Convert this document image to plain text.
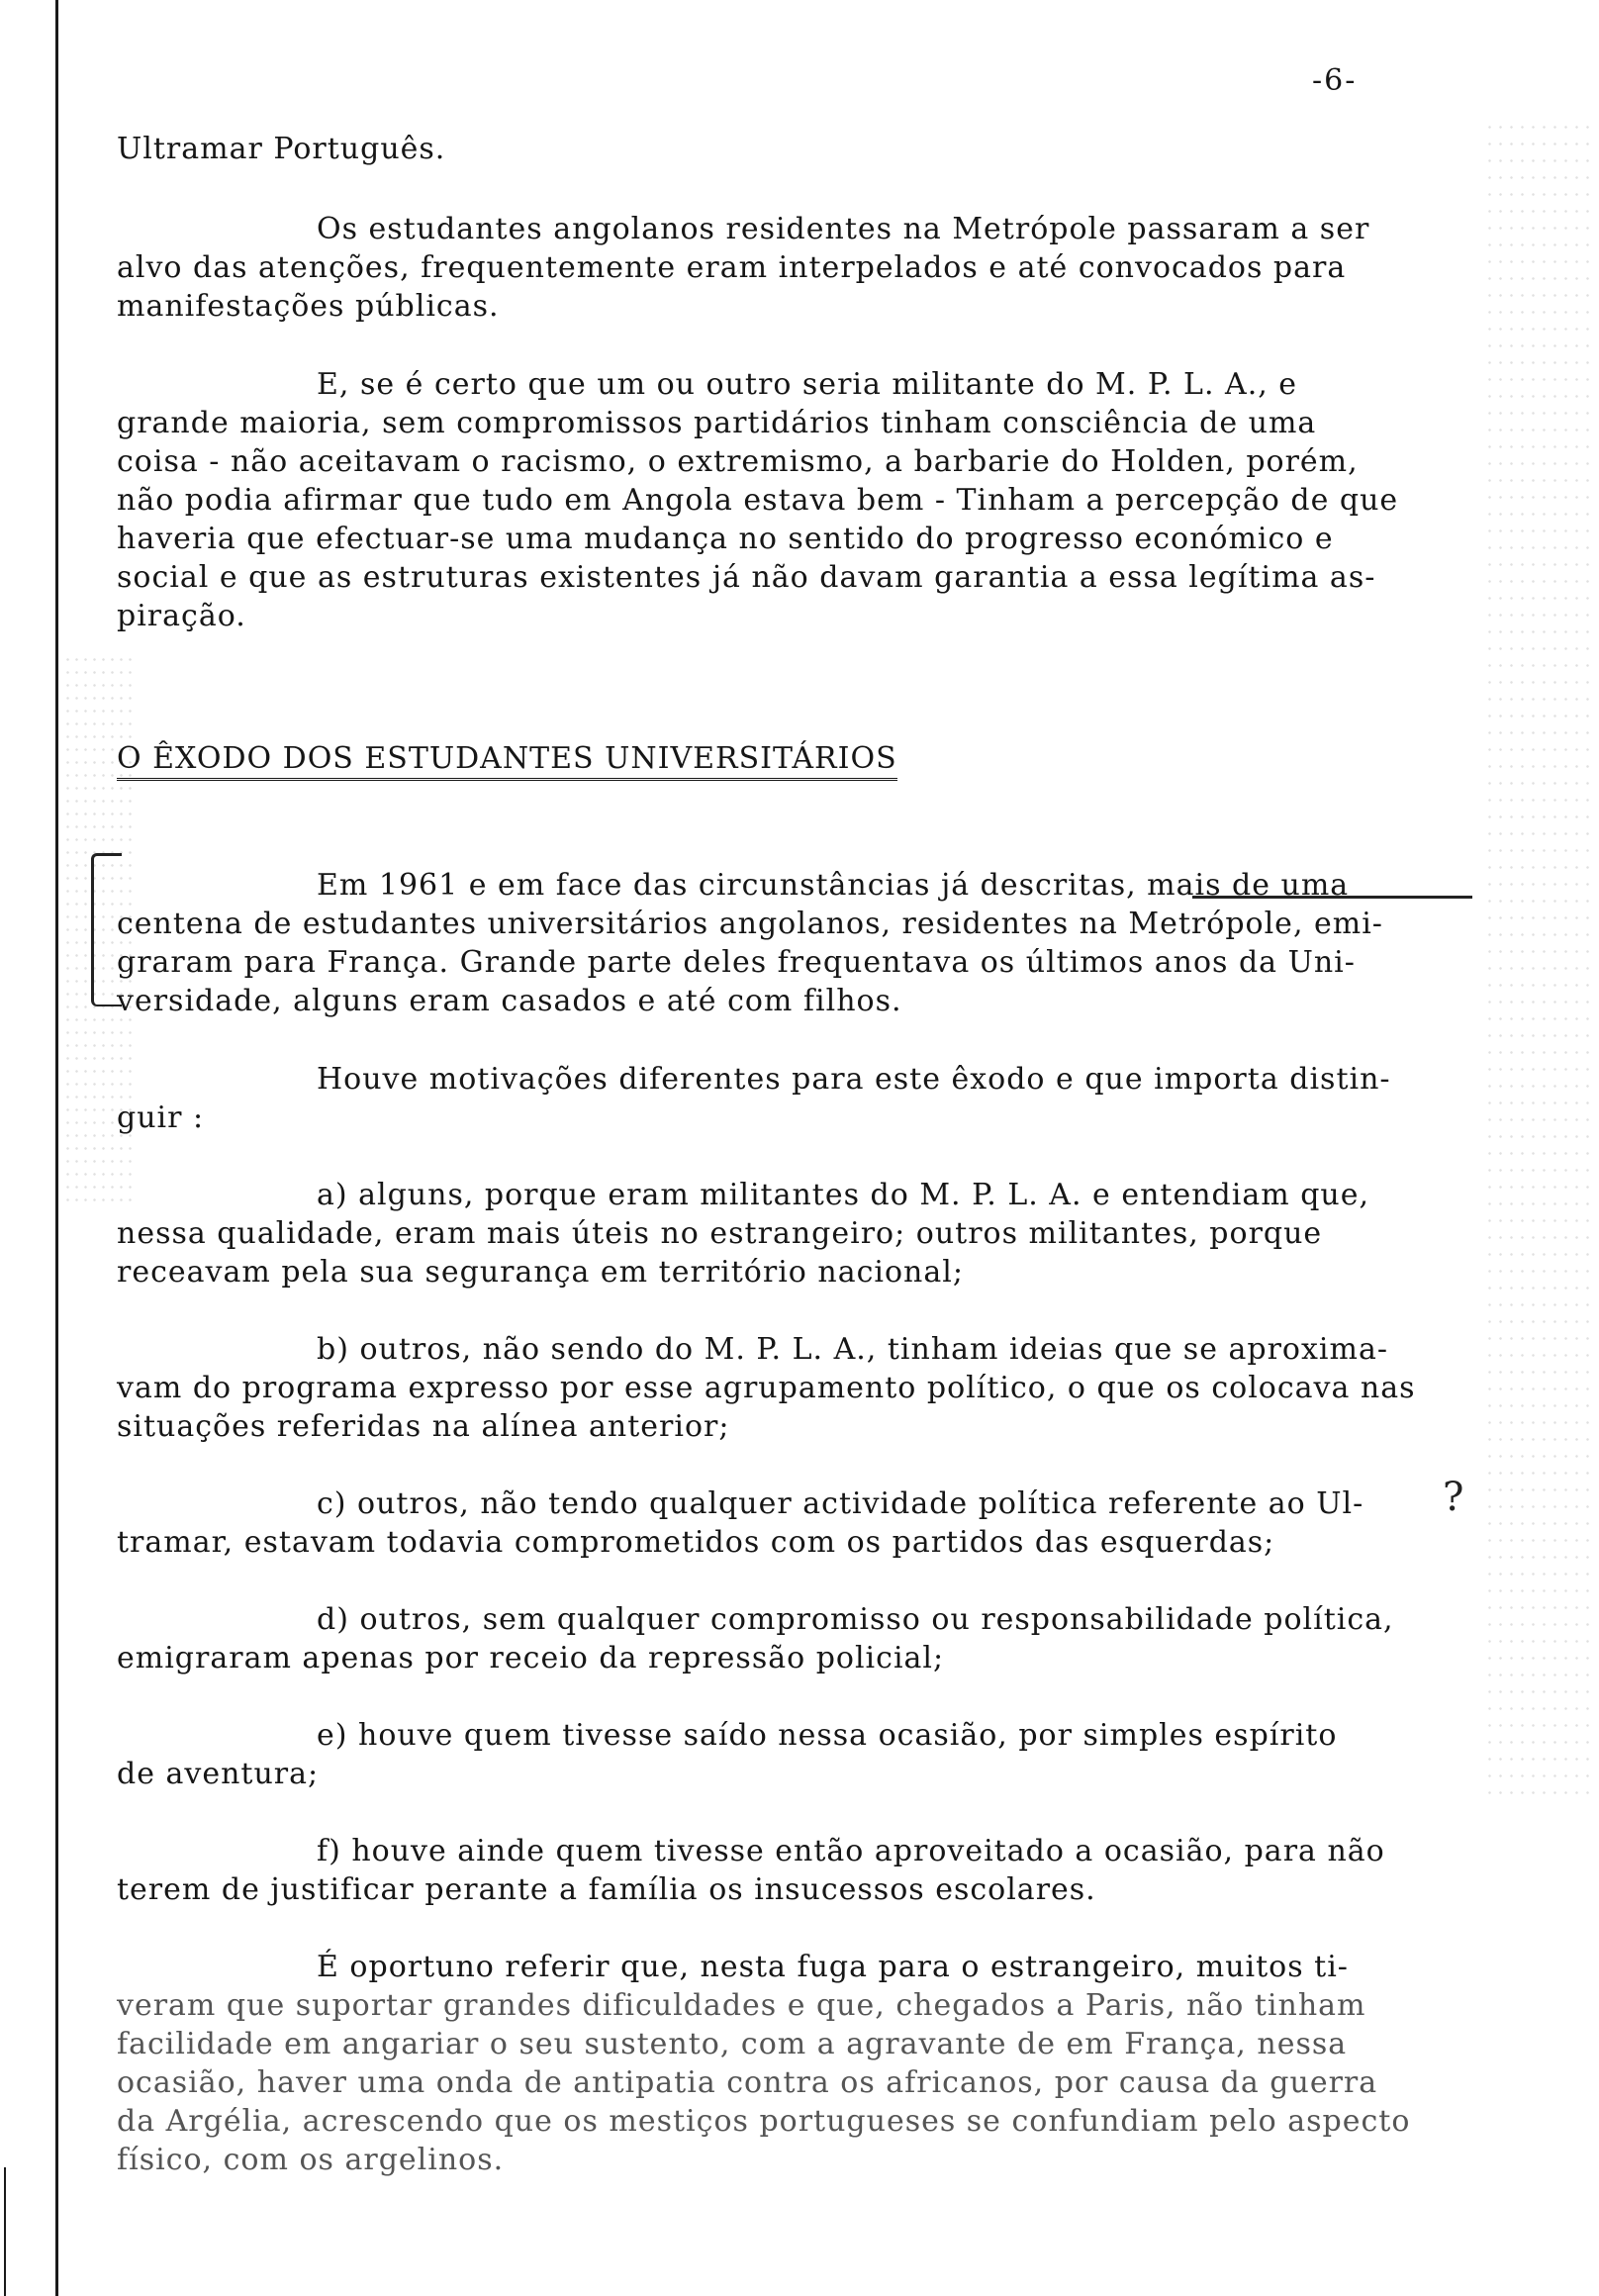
-6-
Ultramar Português.
Os estudantes angolanos residentes na Metrópole passaram a ser
alvo das atenções, frequentemente eram interpelados e até convocados para
manifestações públicas.
E, se é certo que um ou outro seria militante do M. P. L. A., e
grande maioria, sem compromissos partidários tinham consciência de uma
coisa - não aceitavam o racismo, o extremismo, a barbarie do Holden, porém,
não podia afirmar que tudo em Angola estava bem - Tinham a percepção de que
haveria que efectuar-se uma mudança no sentido do progresso económico e
social e que as estruturas existentes já não davam garantia a essa legítima as-
piração.
O ÊXODO DOS ESTUDANTES UNIVERSITÁRIOS
Em 1961 e em face das circunstâncias já descritas, mais de uma
centena de estudantes universitários angolanos, residentes na Metrópole, emi-
graram para França. Grande parte deles frequentava os últimos anos da Uni-
versidade, alguns eram casados e até com filhos.
Houve motivações diferentes para este êxodo e que importa distin-
guir :
a) alguns, porque eram militantes do M. P. L. A. e entendiam que,
nessa qualidade, eram mais úteis no estrangeiro; outros militantes, porque
receavam pela sua segurança em território nacional;
b) outros, não sendo do M. P. L. A., tinham ideias que se aproxima-
vam do programa expresso por esse agrupamento político, o que os colocava nas
situações referidas na alínea anterior;
c) outros, não tendo qualquer actividade política referente ao Ul-
tramar, estavam todavia comprometidos com os partidos das esquerdas;
?
d) outros, sem qualquer compromisso ou responsabilidade política,
emigraram apenas por receio da repressão policial;
e) houve quem tivesse saído nessa ocasião, por simples espírito
de aventura;
f) houve ainde quem tivesse então aproveitado a ocasião, para não
terem de justificar perante a família os insucessos escolares.
É oportuno referir que, nesta fuga para o estrangeiro, muitos ti-
veram que suportar grandes dificuldades e que, chegados a Paris, não tinham
facilidade em angariar o seu sustento, com a agravante de em França, nessa
ocasião, haver uma onda de antipatia contra os africanos, por causa da guerra
da Argélia, acrescendo que os mestiços portugueses se confundiam pelo aspecto
físico, com os argelinos.
